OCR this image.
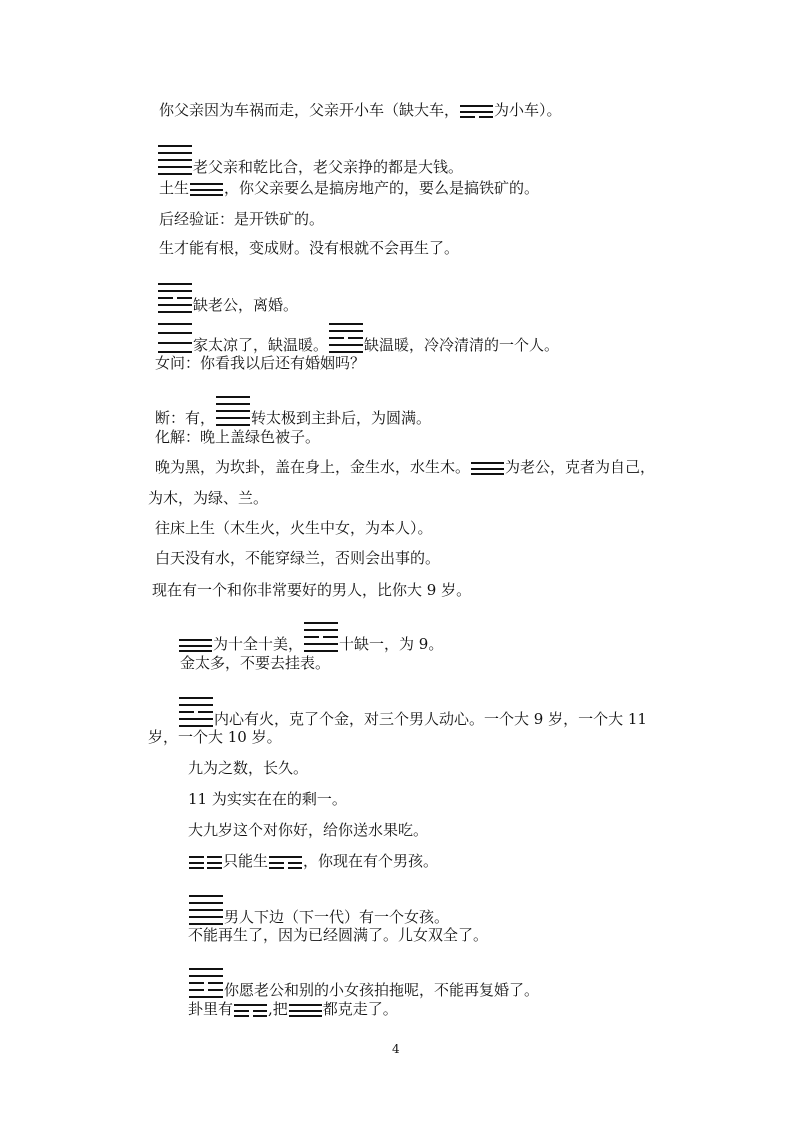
你父亲因为车祸而走，父亲开小车（缺大车， 为小车）。
老父亲和乾比合，老父亲挣的都是大钱。
土生 ，你父亲要么是搞房地产的，要么是搞铁矿的。
后经验证：是开铁矿的。
生才能有根，变成财。没有根就不会再生了。
缺老公，离婚。
家太凉了，缺温暖。 缺温暖，冷冷清清的一个人。
女问：你看我以后还有婚姻吗？
断：有， 转太极到主卦后，为圆满。
化解：晚上盖绿色被子。
晚为黑，为坎卦，盖在身上，金生水，水生木。 为老公，克者为自己，
为木，为绿、兰。
往床上生（木生火，火生中女，为本人）。
白天没有水，不能穿绿兰，否则会出事的。
现在有一个和你非常要好的男人，比你大 9 岁。
为十全十美， 十缺一，为 9。
金太多，不要去挂表。
内心有火，克了个金，对三个男人动心。一个大 9 岁，一个大 11
岁，一个大 10 岁。
九为之数，长久。
11 为实实在在的剩一。
大九岁这个对你好，给你送水果吃。
只能生 ，你现在有个男孩。
男人下边（下一代）有一个女孩。
不能再生了，因为已经圆满了。儿女双全了。
你愿老公和别的小女孩拍拖呢，不能再复婚了。
卦里有 ,把 都克走了。
4
